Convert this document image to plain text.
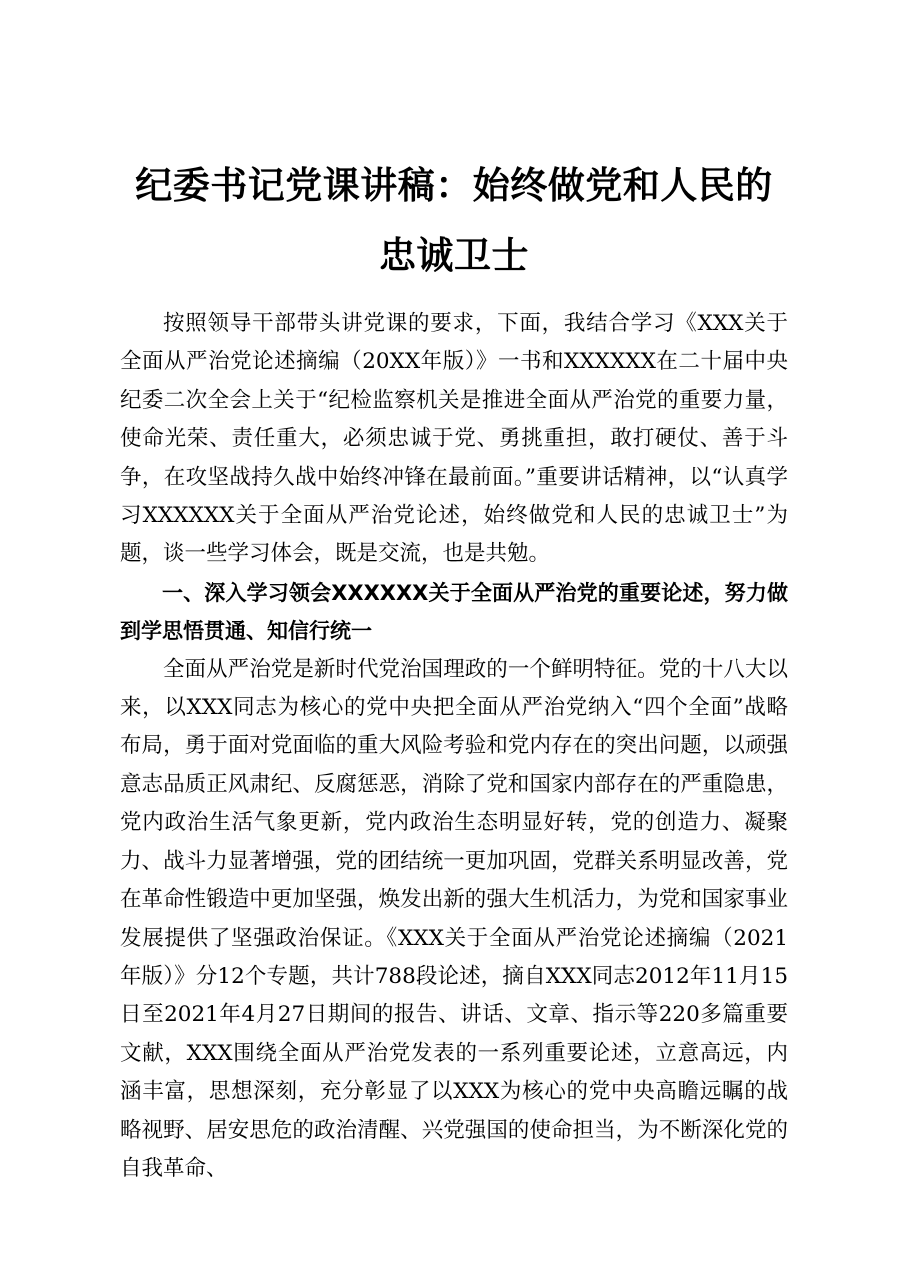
纪委书记党课讲稿：始终做党和人民的忠诚卫士

按照领导干部带头讲党课的要求，下面，我结合学习《XXX关于全面从严治党论述摘编（20XX年版）》一书和XXXXXX在二十届中央纪委二次全会上关于“纪检监察机关是推进全面从严治党的重要力量，使命光荣、责任重大，必须忠诚于党、勇挑重担，敢打硬仗、善于斗争，在攻坚战持久战中始终冲锋在最前面。”重要讲话精神，以“认真学习XXXXXX关于全面从严治党论述，始终做党和人民的忠诚卫士”为题，谈一些学习体会，既是交流，也是共勉。

一、深入学习领会XXXXXX关于全面从严治党的重要论述，努力做到学思悟贯通、知信行统一

全面从严治党是新时代党治国理政的一个鲜明特征。党的十八大以来，以XXX同志为核心的党中央把全面从严治党纳入“四个全面”战略布局，勇于面对党面临的重大风险考验和党内存在的突出问题，以顽强意志品质正风肃纪、反腐惩恶，消除了党和国家内部存在的严重隐患，党内政治生活气象更新，党内政治生态明显好转，党的创造力、凝聚力、战斗力显著增强，党的团结统一更加巩固，党群关系明显改善，党在革命性锻造中更加坚强，焕发出新的强大生机活力，为党和国家事业发展提供了坚强政治保证。《XXX关于全面从严治党论述摘编（2021年版）》分12个专题，共计788段论述，摘自XXX同志2012年11月15日至2021年4月27日期间的报告、讲话、文章、指示等220多篇重要文献，XXX围绕全面从严治党发表的一系列重要论述，立意高远，内涵丰富，思想深刻，充分彰显了以XXX为核心的党中央高瞻远瞩的战略视野、居安思危的政治清醒、兴党强国的使命担当，为不断深化党的自我革命、
